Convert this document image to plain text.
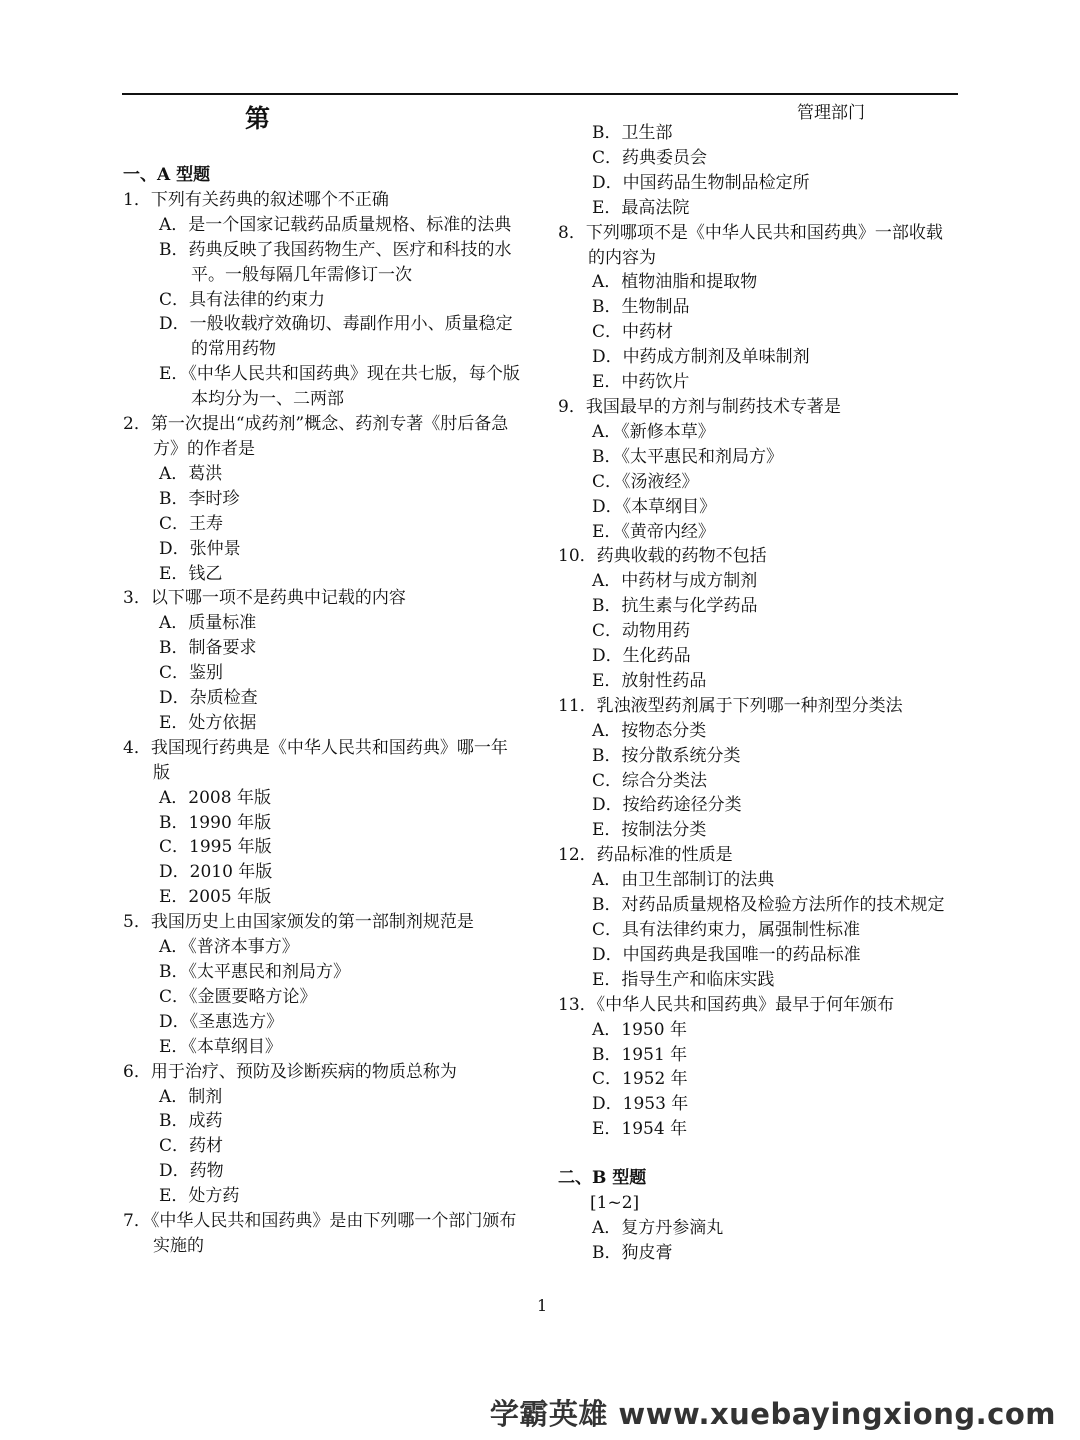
第	管理部门
一、A 型题
1．下列有关药典的叙述哪个不正确
A．是一个国家记载药品质量规格、标准的法典
B．药典反映了我国药物生产、医疗和科技的水平。一般每隔几年需修订一次
C．具有法律的约束力
D．一般收载疗效确切、毒副作用小、质量稳定的常用药物
E．《中华人民共和国药典》现在共七版，每个版本均分为一、二两部
2．第一次提出“成药剂”概念、药剂专著《肘后备急方》的作者是
A．葛洪
B．李时珍
C．王寿
D．张仲景
E．钱乙
3．以下哪一项不是药典中记载的内容
A．质量标准
B．制备要求
C．鉴别
D．杂质检查
E．处方依据
4．我国现行药典是《中华人民共和国药典》哪一年版
A．2008 年版
B．1990 年版
C．1995 年版
D．2010 年版
E．2005 年版
5．我国历史上由国家颁发的第一部制剂规范是
A．《普济本事方》
B．《太平惠民和剂局方》
C．《金匮要略方论》
D．《圣惠选方》
E．《本草纲目》
6．用于治疗、预防及诊断疾病的物质总称为
A．制剂
B．成药
C．药材
D．药物
E．处方药
7．《中华人民共和国药典》是由下列哪一个部门颁布实施的
B．卫生部
C．药典委员会
D．中国药品生物制品检定所
E．最高法院
8．下列哪项不是《中华人民共和国药典》一部收载的内容为
A．植物油脂和提取物
B．生物制品
C．中药材
D．中药成方制剂及单味制剂
E．中药饮片
9．我国最早的方剂与制药技术专著是
A．《新修本草》
B．《太平惠民和剂局方》
C．《汤液经》
D．《本草纲目》
E．《黄帝内经》
10．药典收载的药物不包括
A．中药材与成方制剂
B．抗生素与化学药品
C．动物用药
D．生化药品
E．放射性药品
11．乳浊液型药剂属于下列哪一种剂型分类法
A．按物态分类
B．按分散系统分类
C．综合分类法
D．按给药途径分类
E．按制法分类
12．药品标准的性质是
A．由卫生部制订的法典
B．对药品质量规格及检验方法所作的技术规定
C．具有法律约束力，属强制性标准
D．中国药典是我国唯一的药品标准
E．指导生产和临床实践
13．《中华人民共和国药典》最早于何年颁布
A．1950 年
B．1951 年
C．1952 年
D．1953 年
E．1954 年
二、B 型题
[1~2]
A．复方丹参滴丸
B．狗皮膏
1
学霸英雄 www.xuebayingxiong.com
